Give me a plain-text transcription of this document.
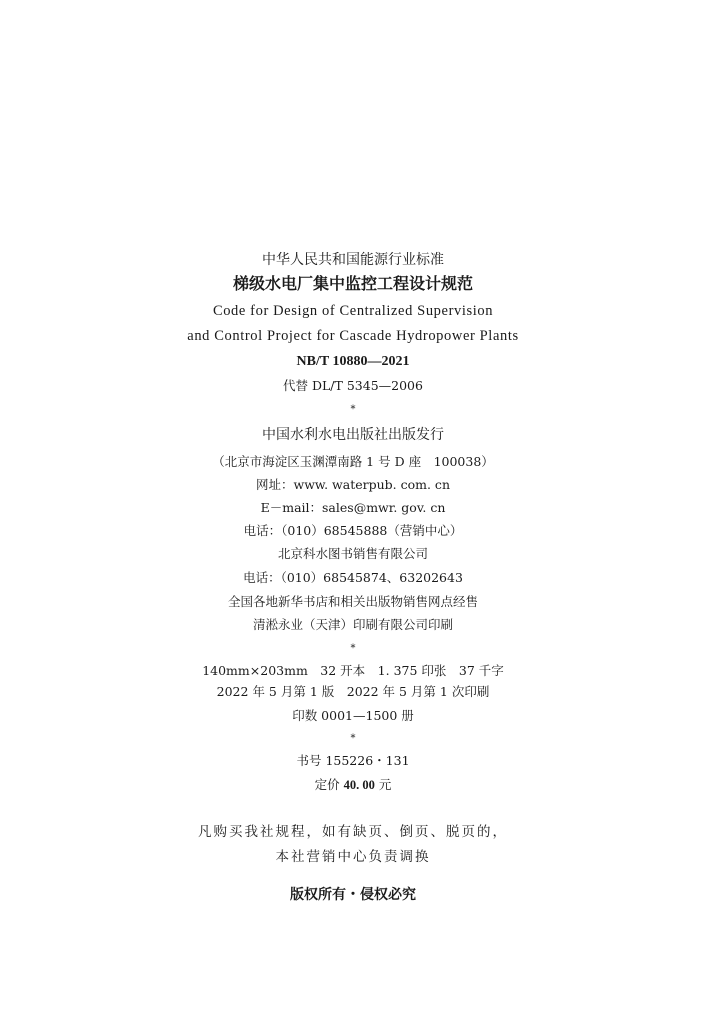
中华人民共和国能源行业标准
梯级水电厂集中监控工程设计规范
Code for Design of Centralized Supervision
and Control Project for Cascade Hydropower Plants
NB/T 10880—2021
代替 DL/T 5345—2006
*
中国水利水电出版社出版发行
（北京市海淀区玉渊潭南路 1 号 D 座　100038）
网址：www. waterpub. com. cn
E－mail：sales@mwr. gov. cn
电话：（010）68545888（营销中心）
北京科水图书销售有限公司
电话：（010）68545874、63202643
全国各地新华书店和相关出版物销售网点经售
清淞永业（天津）印刷有限公司印刷
*
140mm×203mm　32 开本　1. 375 印张　37 千字
2022 年 5 月第 1 版　2022 年 5 月第 1 次印刷
印数 0001—1500 册
*
书号 155226・131
定价 40. 00 元
凡购买我社规程，如有缺页、倒页、脱页的，
本社营销中心负责调换
版权所有・侵权必究
